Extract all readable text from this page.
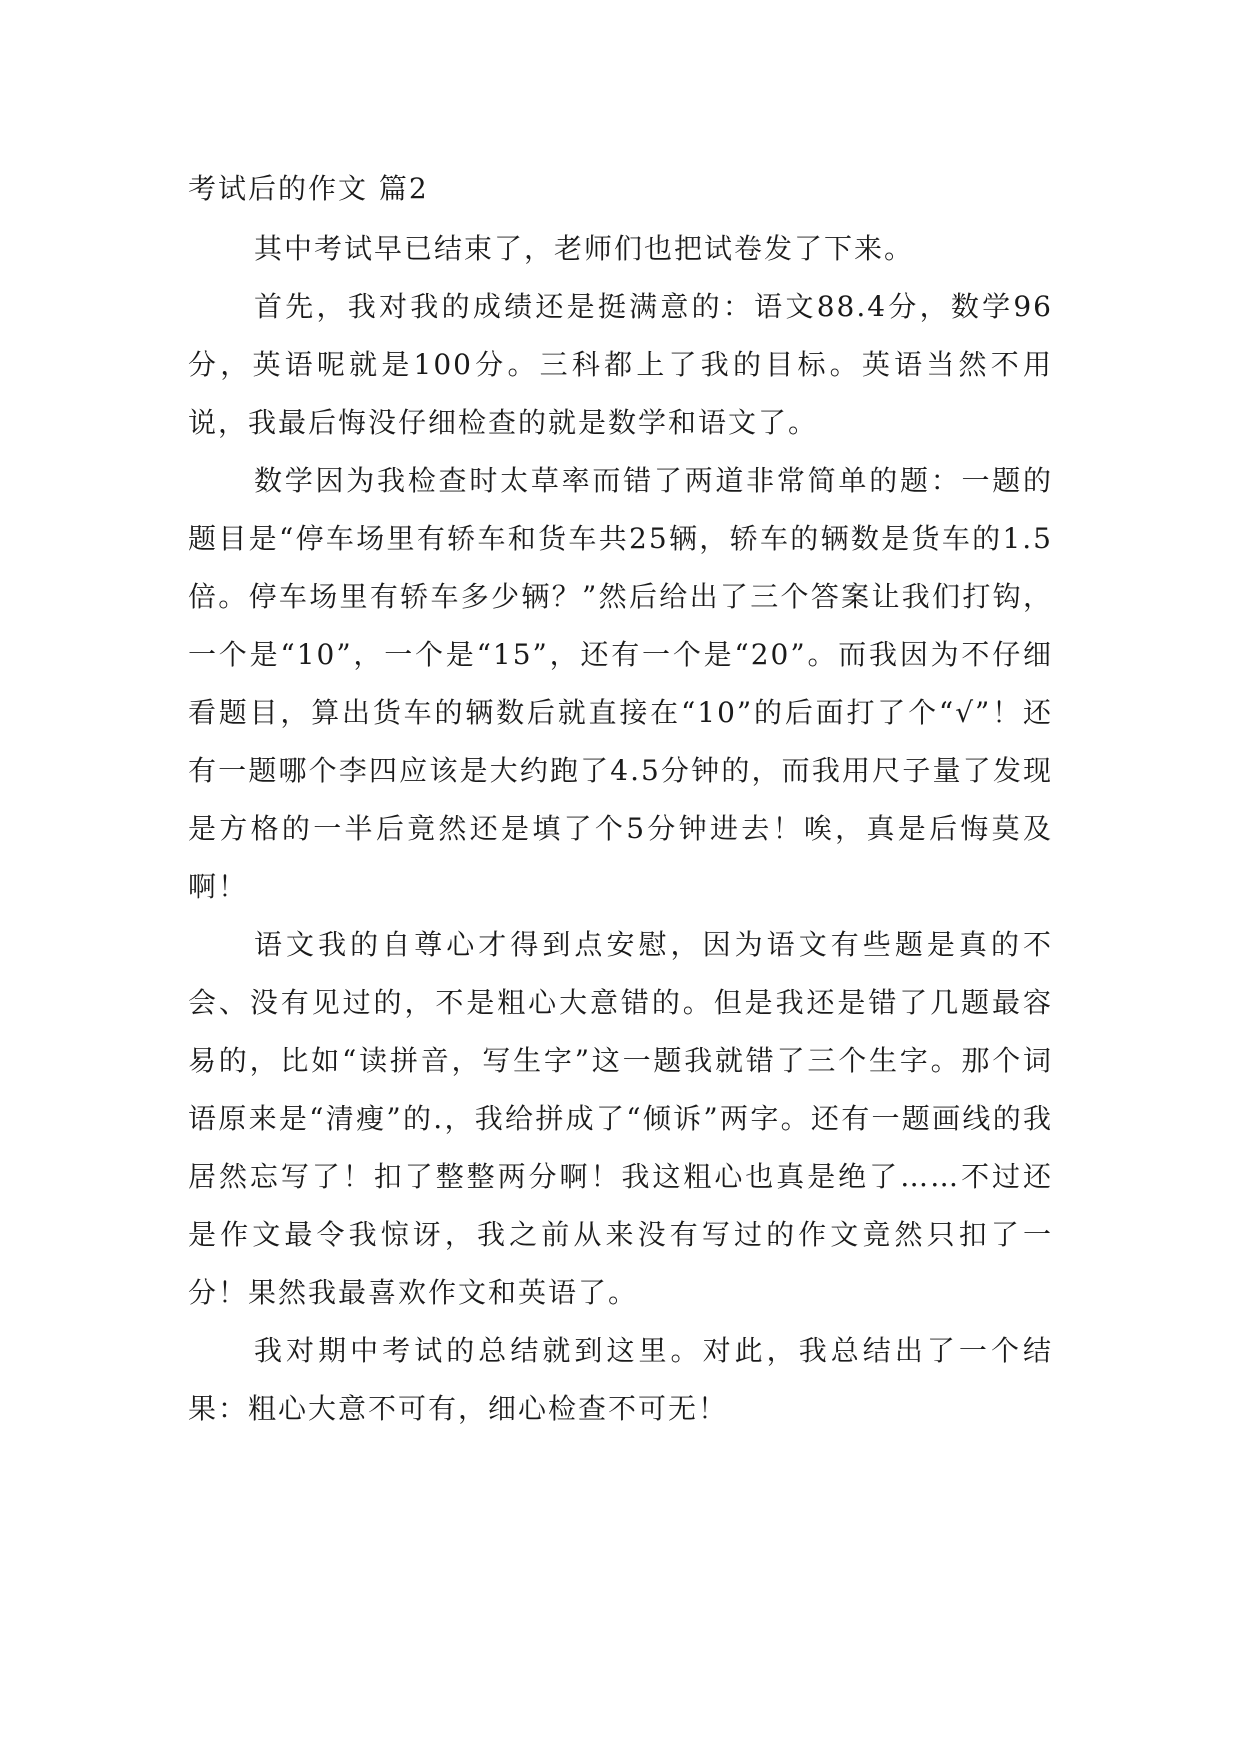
考试后的作文 篇2

其中考试早已结束了，老师们也把试卷发了下来。

首先，我对我的成绩还是挺满意的：语文88.4分，数学96分，英语呢就是100分。三科都上了我的目标。英语当然不用说，我最后悔没仔细检查的就是数学和语文了。

数学因为我检查时太草率而错了两道非常简单的题：一题的题目是“停车场里有轿车和货车共25辆，轿车的辆数是货车的1.5倍。停车场里有轿车多少辆？”然后给出了三个答案让我们打钩，一个是“10”，一个是“15”，还有一个是“20”。而我因为不仔细看题目，算出货车的辆数后就直接在“10”的后面打了个“√”！还有一题哪个李四应该是大约跑了4.5分钟的，而我用尺子量了发现是方格的一半后竟然还是填了个5分钟进去！唉，真是后悔莫及啊！

语文我的自尊心才得到点安慰，因为语文有些题是真的不会、没有见过的，不是粗心大意错的。但是我还是错了几题最容易的，比如“读拼音，写生字”这一题我就错了三个生字。那个词语原来是“清瘦”的.，我给拼成了“倾诉”两字。还有一题画线的我居然忘写了！扣了整整两分啊！我这粗心也真是绝了……不过还是作文最令我惊讶，我之前从来没有写过的作文竟然只扣了一分！果然我最喜欢作文和英语了。

我对期中考试的总结就到这里。对此，我总结出了一个结果：粗心大意不可有，细心检查不可无！
